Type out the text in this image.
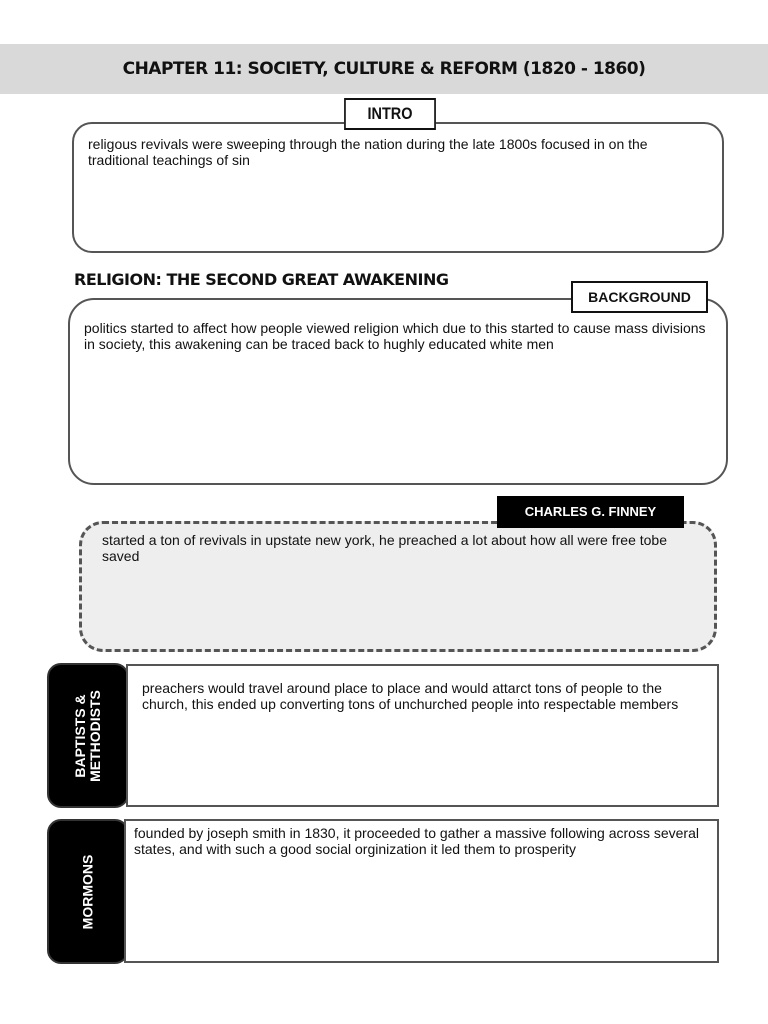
CHAPTER 11: SOCIETY, CULTURE & REFORM (1820 - 1860)
religous revivals were sweeping through the nation during the late 1800s focused in on the traditional teachings of sin
INTRO
RELIGION: THE SECOND GREAT AWAKENING
politics started to affect how people viewed religion which due to this started to cause mass divisions in society, this awakening can be traced back to hughly educated white men
BACKGROUND
started a ton of revivals in upstate new york, he preached a lot about how all were free tobe saved
CHARLES G. FINNEY
BAPTISTS &
METHODISTS
preachers would travel around place to place and would attarct tons of people to the church, this ended up converting tons of unchurched people into respectable members
MORMONS
founded by joseph smith in 1830, it proceeded to gather a massive following across several states, and with such a good social orginization it led them to prosperity
